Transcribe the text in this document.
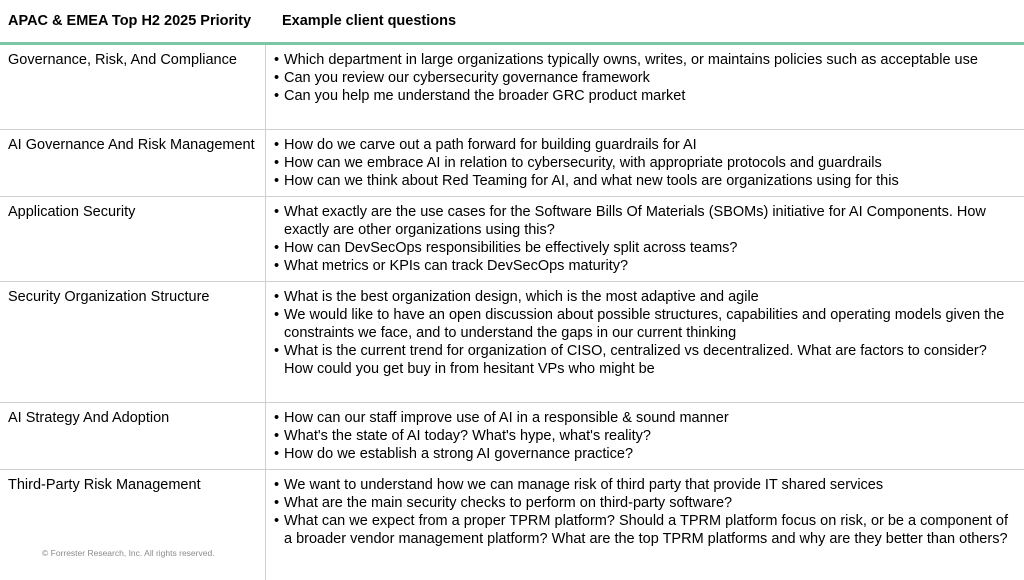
APAC & EMEA Top H2 2025 Priority	Example client questions
Governance, Risk, And Compliance	• Which department in large organizations typically owns, writes, or maintains policies such as acceptable use
• Can you review our cybersecurity governance framework
• Can you help me understand the broader GRC product market
AI Governance And Risk Management	• How do we carve out a path forward for building guardrails for AI
• How can we embrace AI in relation to cybersecurity, with appropriate protocols and guardrails
• How can we think about Red Teaming for AI, and what new tools are organizations using for this
Application Security	• What exactly are the use cases for the Software Bills Of Materials (SBOMs) initiative for AI Components. How exactly are other organizations using this?
• How can DevSecOps responsibilities be effectively split across teams?
• What metrics or KPIs can track DevSecOps maturity?
Security Organization Structure	• What is the best organization design, which is the most adaptive and agile
• We would like to have an open discussion about possible structures, capabilities and operating models given the constraints we face, and to understand the gaps in our current thinking
• What is the current trend for organization of CISO, centralized vs decentralized. What are factors to consider? How could you get buy in from hesitant VPs who might be
AI Strategy And Adoption	• How can our staff improve use of AI in a responsible & sound manner
• What's the state of AI today? What's hype, what's reality?
• How do we establish a strong AI governance practice?
Third-Party Risk Management	• We want to understand how we can manage risk of third party that provide IT shared services
• What are the main security checks to perform on third-party software?
• What can we expect from a proper TPRM platform? Should a TPRM platform focus on risk, or be a component of a broader vendor management platform? What are the top TPRM platforms and why are they better than others?
© Forrester Research, Inc. All rights reserved.
